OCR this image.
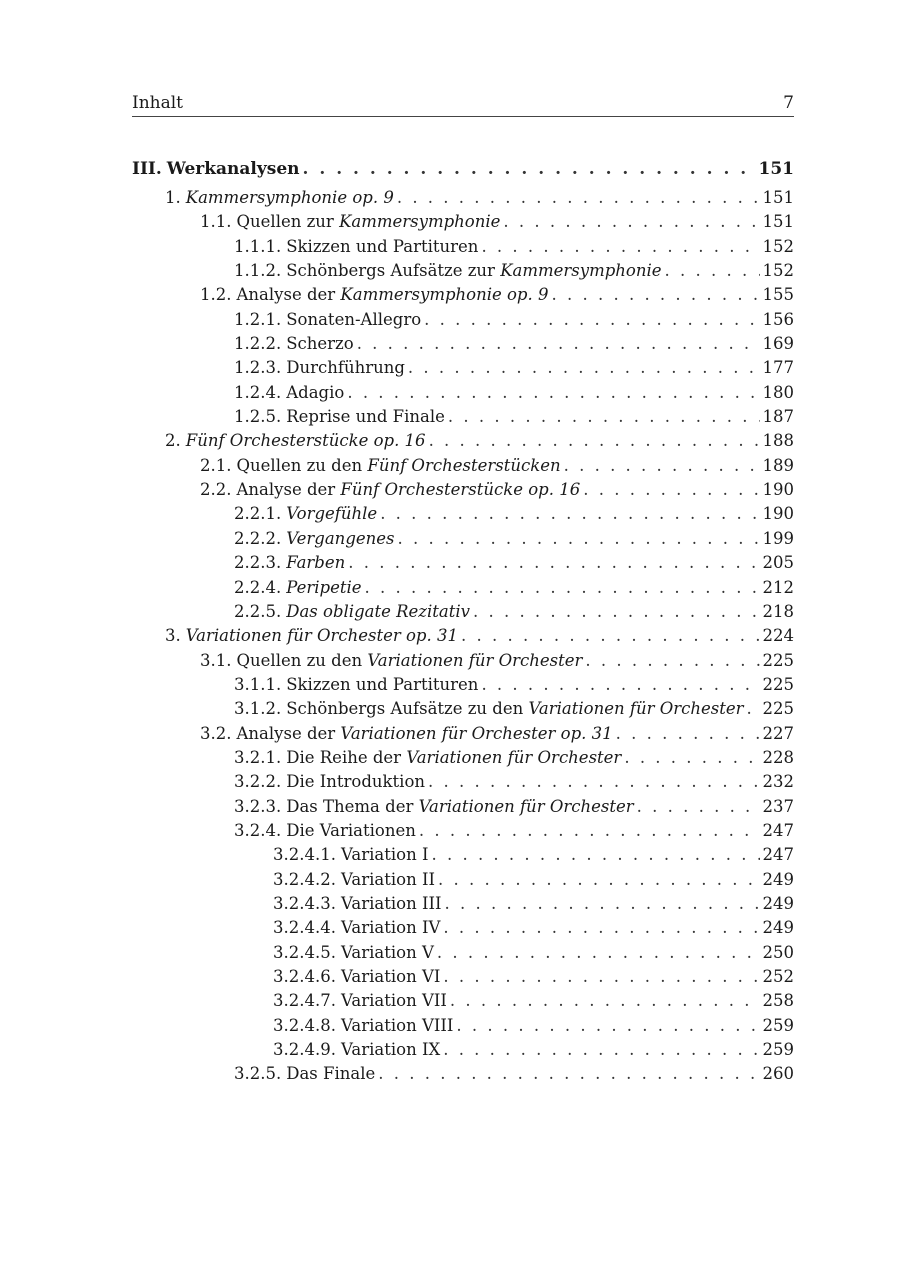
Inhalt	7
III. Werkanalysen . . .	151
1. Kammersymphonie op. 9 . . .	151
1.1. Quellen zur Kammersymphonie . . .	151
1.1.1. Skizzen und Partituren . . .	152
1.1.2. Schönbergs Aufsätze zur Kammersymphonie . . .	152
1.2. Analyse der Kammersymphonie op. 9 . . .	155
1.2.1. Sonaten-Allegro . . .	156
1.2.2. Scherzo . . .	169
1.2.3. Durchführung . . .	177
1.2.4. Adagio . . .	180
1.2.5. Reprise und Finale . . .	187
2. Fünf Orchesterstücke op. 16 . . .	188
2.1. Quellen zu den Fünf Orchesterstücken . . .	189
2.2. Analyse der Fünf Orchesterstücke op. 16 . . .	190
2.2.1. Vorgefühle . . .	190
2.2.2. Vergangenes . . .	199
2.2.3. Farben . . .	205
2.2.4. Peripetie . . .	212
2.2.5. Das obligate Rezitativ . . .	218
3. Variationen für Orchester op. 31 . . .	224
3.1. Quellen zu den Variationen für Orchester . . .	225
3.1.1. Skizzen und Partituren . . .	225
3.1.2. Schönbergs Aufsätze zu den Variationen für Orchester . . . 225
3.2. Analyse der Variationen für Orchester op. 31 . . .	227
3.2.1. Die Reihe der Variationen für Orchester . . .	228
3.2.2. Die Introduktion . . .	232
3.2.3. Das Thema der Variationen für Orchester . . .	237
3.2.4. Die Variationen . . .	247
3.2.4.1. Variation I . . .	247
3.2.4.2. Variation II . . .	249
3.2.4.3. Variation III . . .	249
3.2.4.4. Variation IV . . .	249
3.2.4.5. Variation V . . .	250
3.2.4.6. Variation VI . . .	252
3.2.4.7. Variation VII . . .	258
3.2.4.8. Variation VIII . . .	259
3.2.4.9. Variation IX . . .	259
3.2.5. Das Finale . . .	260
